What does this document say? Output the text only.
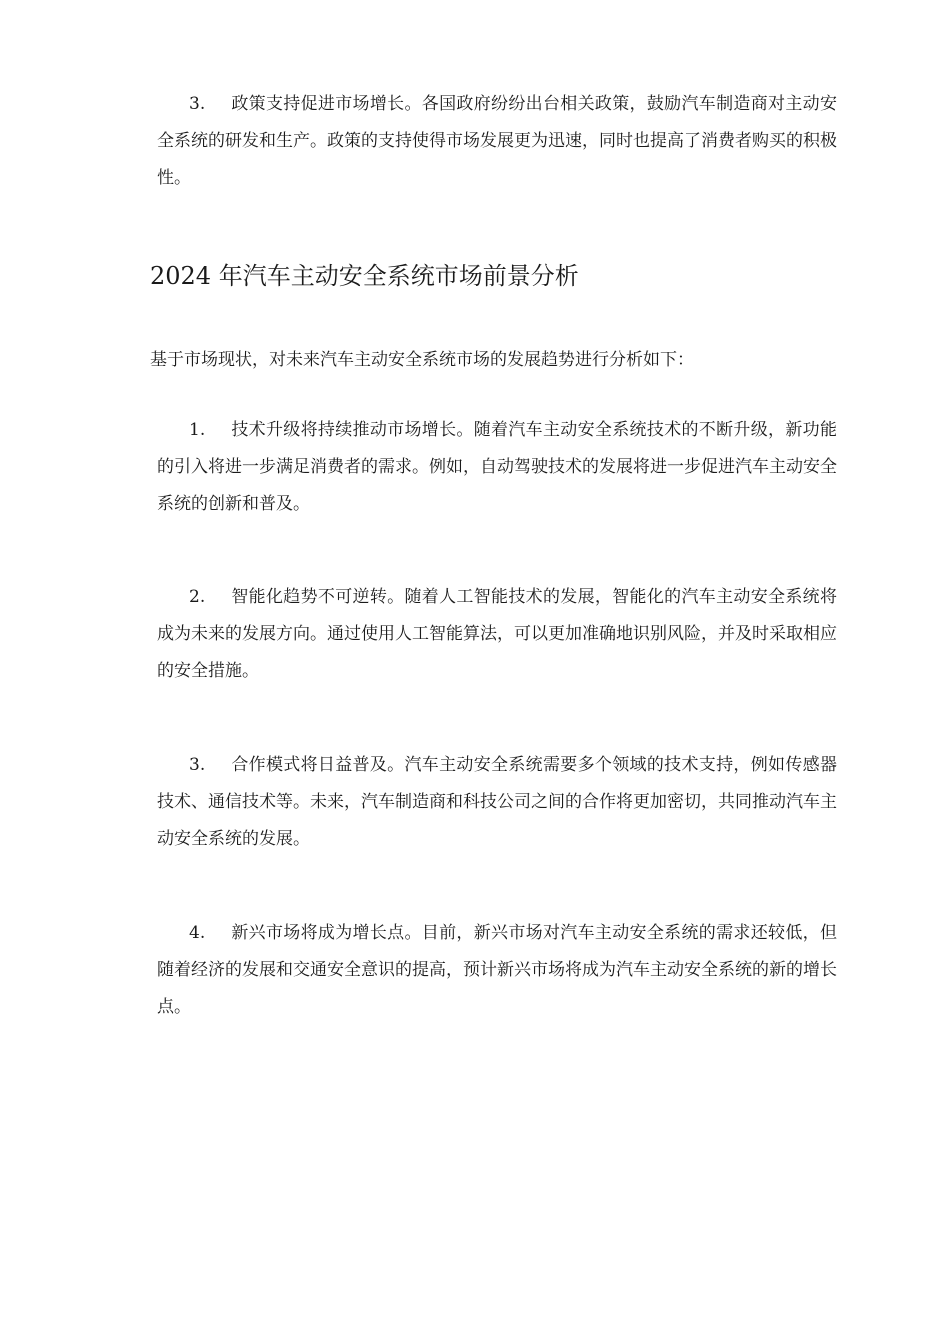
3. 政策支持促进市场增长。各国政府纷纷出台相关政策，鼓励汽车制造商对主动安全系统的研发和生产。政策的支持使得市场发展更为迅速，同时也提高了消费者购买的积极性。

2024 年汽车主动安全系统市场前景分析

基于市场现状，对未来汽车主动安全系统市场的发展趋势进行分析如下：

1. 技术升级将持续推动市场增长。随着汽车主动安全系统技术的不断升级，新功能的引入将进一步满足消费者的需求。例如，自动驾驶技术的发展将进一步促进汽车主动安全系统的创新和普及。

2. 智能化趋势不可逆转。随着人工智能技术的发展，智能化的汽车主动安全系统将成为未来的发展方向。通过使用人工智能算法，可以更加准确地识别风险，并及时采取相应的安全措施。

3. 合作模式将日益普及。汽车主动安全系统需要多个领域的技术支持，例如传感器技术、通信技术等。未来，汽车制造商和科技公司之间的合作将更加密切，共同推动汽车主动安全系统的发展。

4. 新兴市场将成为增长点。目前，新兴市场对汽车主动安全系统的需求还较低，但随着经济的发展和交通安全意识的提高，预计新兴市场将成为汽车主动安全系统的新的增长点。
